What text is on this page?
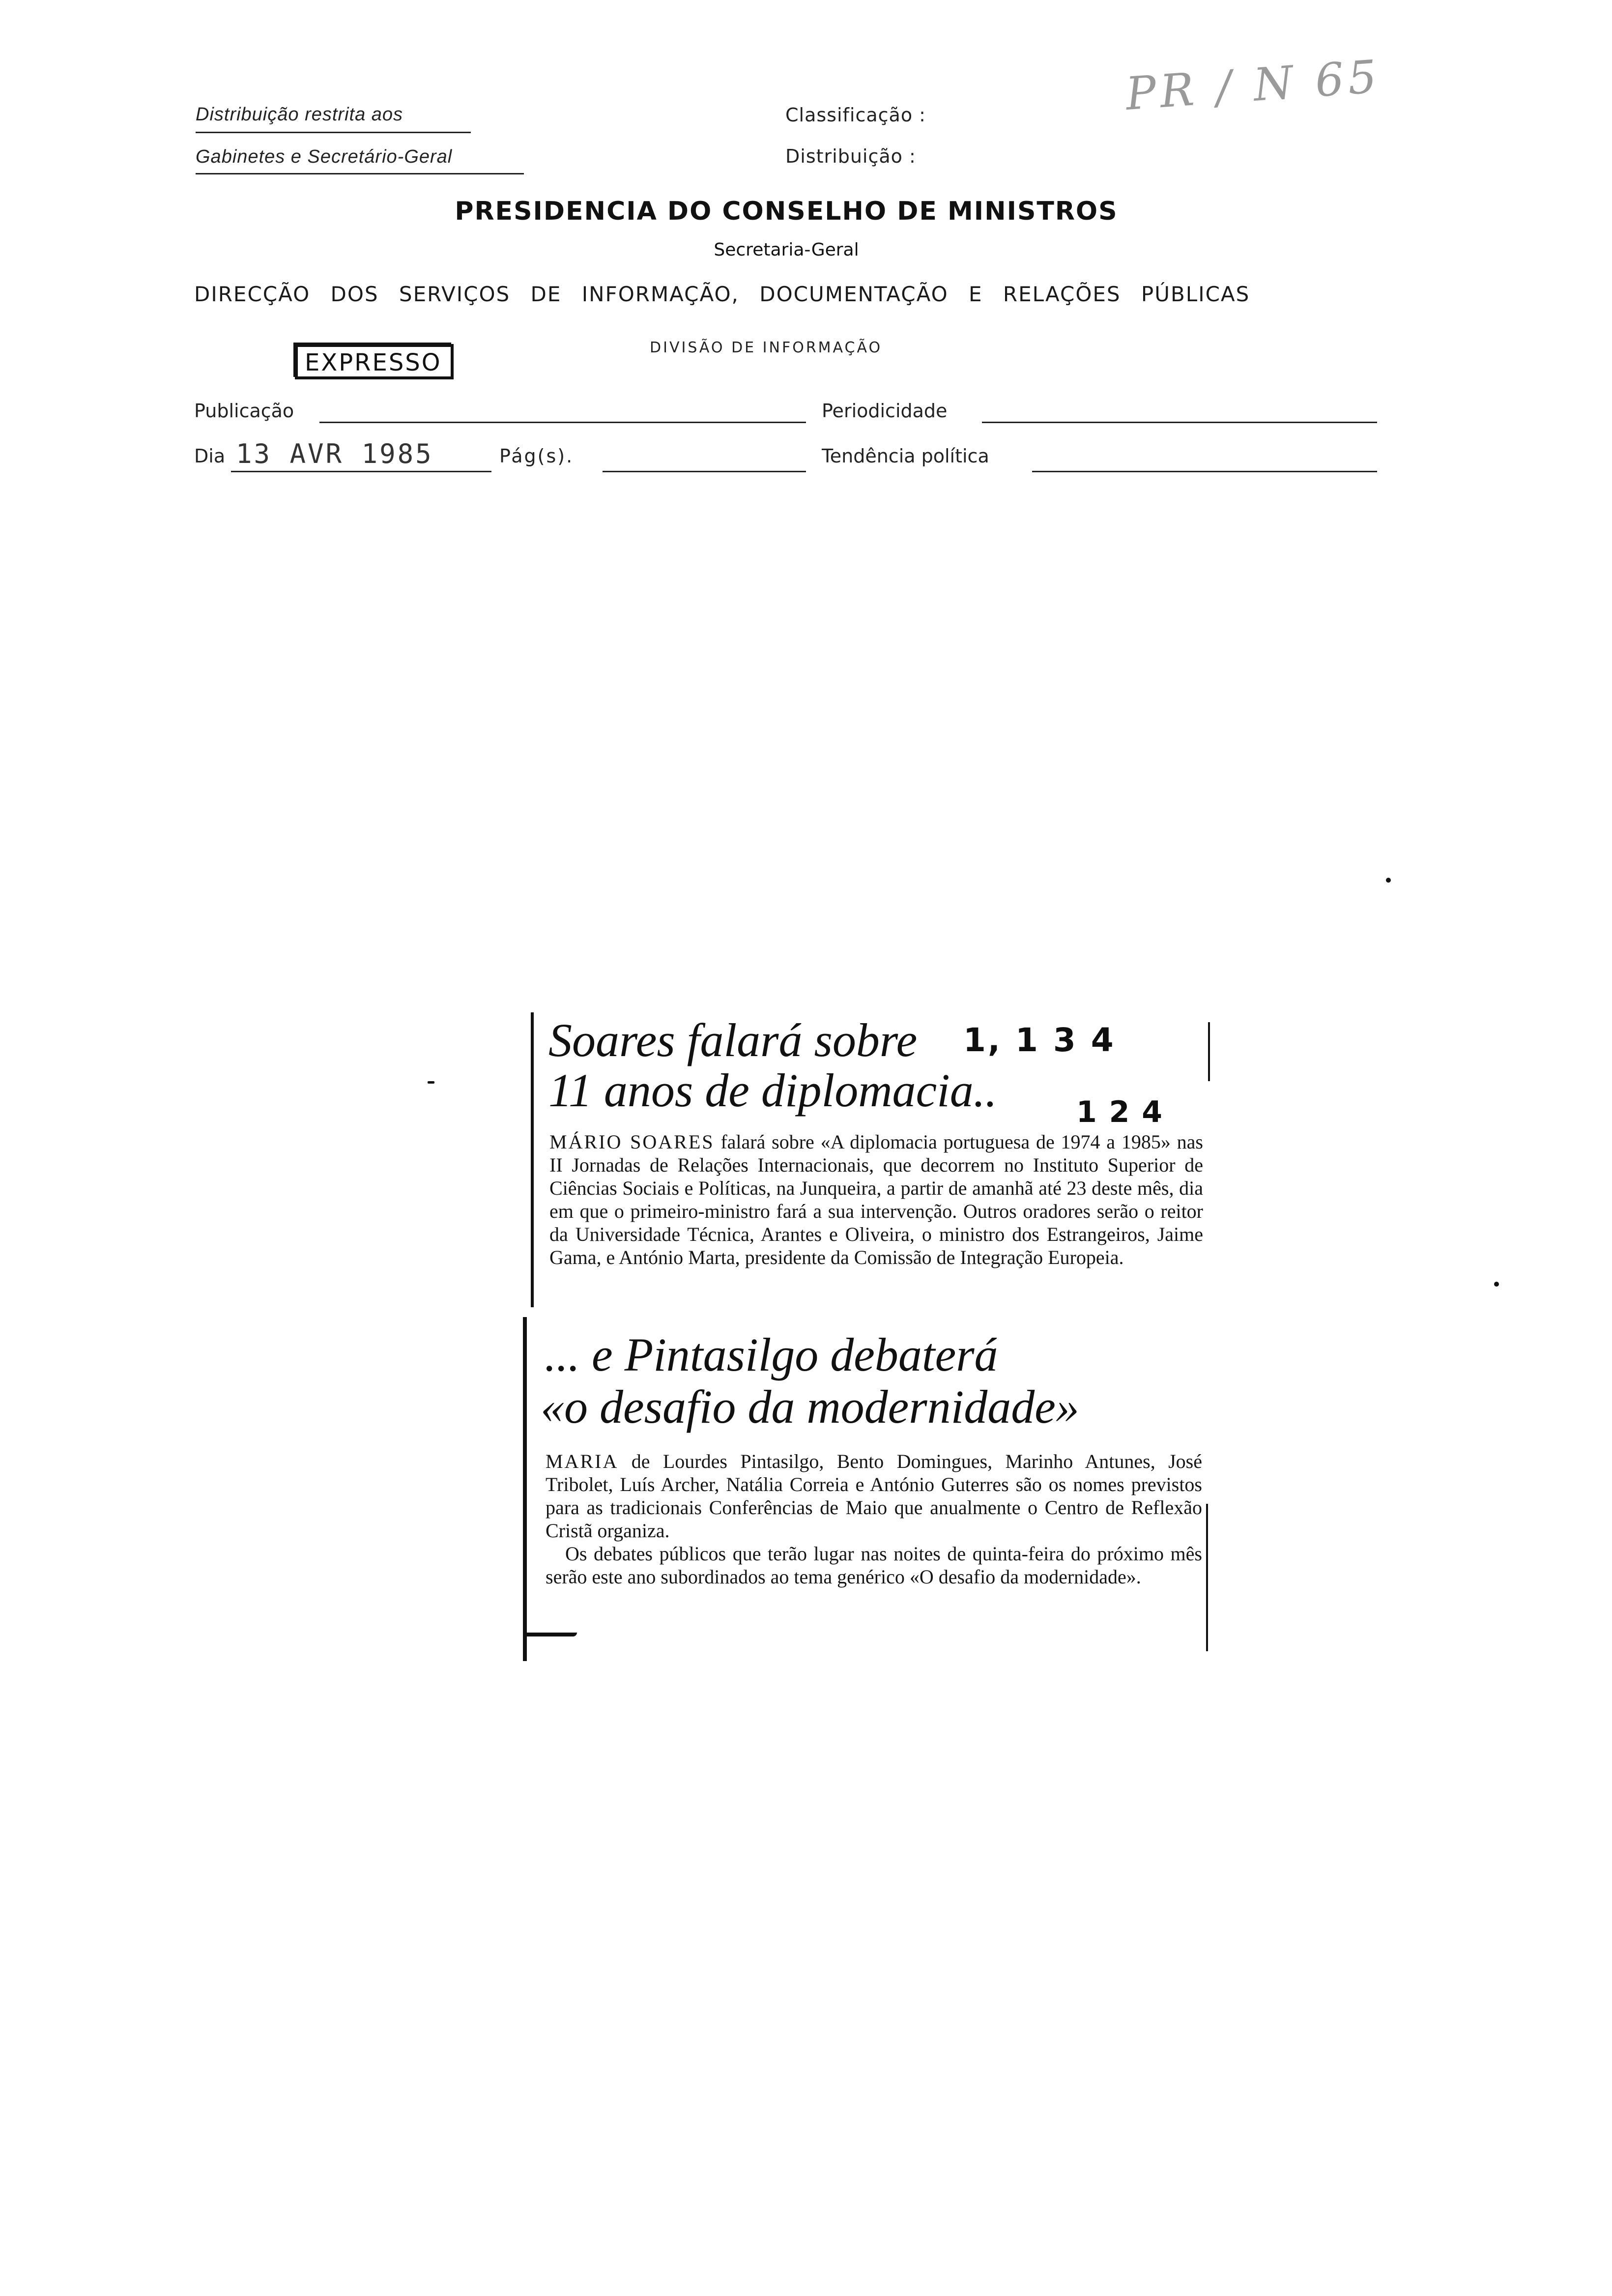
Distribuição restrita aos
Gabinetes e Secretário-Geral
Classificação :
Distribuição :
PR / N 65
PRESIDENCIA DO CONSELHO DE MINISTROS
Secretaria-Geral
DIRECÇÃO DOS SERVIÇOS DE INFORMAÇÃO, DOCUMENTAÇÃO E RELAÇÕES PÚBLICAS
DIVISÃO DE INFORMAÇÃO
EXPRESSO
Publicação	Periodicidade
Dia 13 AVR 1985	Pág(s).	Tendência política
Soares falará sobre
11 anos de diplomacia..
1, 1 3 4
1 2 4

MÁRIO SOARES falará sobre «A diplomacia portuguesa de 1974 a 1985» nas II Jornadas de Relações Internacionais, que decorrem no Instituto Superior de Ciências Sociais e Políticas, na Junqueira, a partir de amanhã até 23 deste mês, dia em que o primeiro-ministro fará a sua intervenção. Outros oradores serão o reitor da Universidade Técnica, Arantes e Oliveira, o ministro dos Estrangeiros, Jaime Gama, e António Marta, presidente da Comissão de Integração Europeia.

... e Pintasilgo debaterá
«o desafio da modernidade»

MARIA de Lourdes Pintasilgo, Bento Domingues, Marinho Antunes, José Tribolet, Luís Archer, Natália Correia e António Guterres são os nomes previstos para as tradicionais Conferências de Maio que anualmente o Centro de Reflexão Cristã organiza.

Os debates públicos que terão lugar nas noites de quinta-feira do próximo mês serão este ano subordinados ao tema genérico «O desafio da modernidade».
